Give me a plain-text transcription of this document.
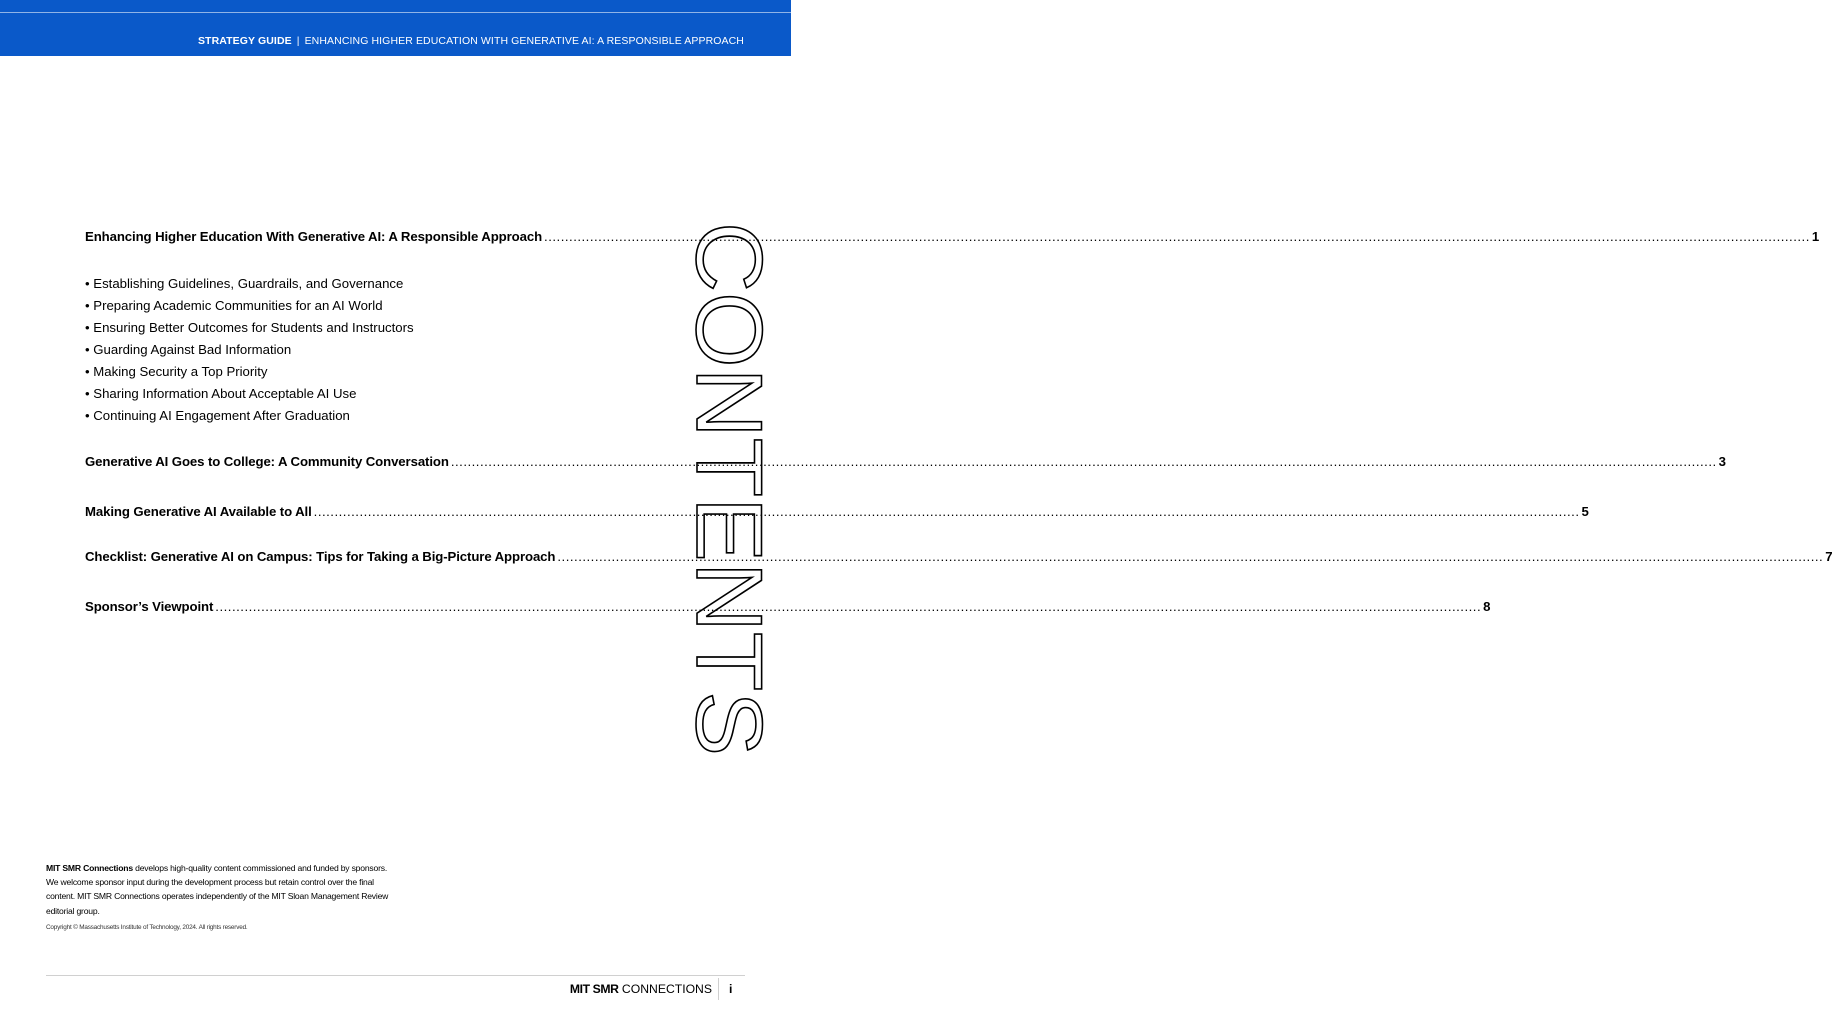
STRATEGY GUIDE | ENHANCING HIGHER EDUCATION WITH GENERATIVE AI: A RESPONSIBLE APPROACH
Enhancing Higher Education With Generative AI: A Responsible Approach .....	1
• Establishing Guidelines, Guardrails, and Governance
• Preparing Academic Communities for an AI World
• Ensuring Better Outcomes for Students and Instructors
• Guarding Against Bad Information
• Making Security a Top Priority
• Sharing Information About Acceptable AI Use
• Continuing AI Engagement After Graduation
Generative AI Goes to College: A Community Conversation .....	3
Making Generative AI Available to All .....	5
Checklist: Generative AI on Campus: Tips for Taking a Big-Picture Approach .....	7
Sponsor’s Viewpoint .....	8
CONTENTS
MIT SMR Connections develops high-quality content commissioned and funded by sponsors. We welcome sponsor input during the development process but retain control over the final content. MIT SMR Connections operates independently of the MIT Sloan Management Review editorial group.
Copyright © Massachusetts Institute of Technology, 2024. All rights reserved.
MIT SMR CONNECTIONS i
